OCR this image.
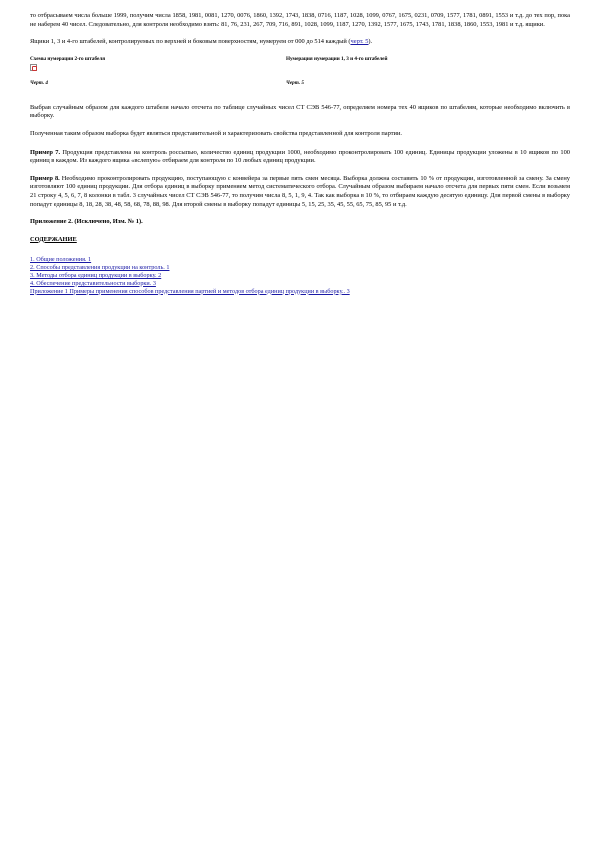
то отбрасываем числа больше 1999, получим числа 1858, 1981, 0081, 1270, 0076, 1860, 1392, 1743, 1838, 0716, 1187, 1028, 1099, 0767, 1675, 0231, 0709, 1577, 1781, 0891, 1553 и т.д. до тех пор, пока не наберем 40 чисел. Следовательно, для контроля необходимо взять: 81, 76, 231, 267, 709, 716, 891, 1028, 1099, 1187, 1270, 1392, 1577, 1675, 1743, 1781, 1838, 1860, 1553, 1981 и т.д. ящики.

Ящики 1, 3 и 4-го штабелей, контролируемых по верхней и боковым поверхностям, нумеруем от 000 до 514 каждый (черт. 5).

Схемы нумерации 2-го штабеля
Черт. 4
Нумерация нумерации 1, 3 и 4-го штабелей
Черт. 5

Выбрав случайным образом для каждого штабеля начало отсчета по таблице случайных чисел СТ СЭВ 546-77, определяем номера тех 40 ящиков по штабелям, которые необходимо включить в выборку.

Полученная таким образом выборка будет являться представительной и характеризовать свойства представленной для контроля партии.

Пример 7. Продукция представлена на контроль россыпью, количество единиц продукции 1000, необходимо проконтролировать 100 единиц. Единицы продукции уложены в 10 ящиков по 100 единиц в каждом. Из каждого ящика «вслепую» отбираем для контроля по 10 любых единиц продукции.

Пример 8. Необходимо проконтролировать продукцию, поступающую с конвейера за первые пять смен месяца. Выборка должна составить 10 % от продукции, изготовленной за смену. За смену изготовляют 100 единиц продукции. Для отбора единиц в выборку применяем метод систематического отбора. Случайным образом выбираем начало отсчета для первых пяти смен. Если возьмем 21 строку 4, 5, 6, 7, 8 колонки в табл. 3 случайных чисел СТ СЭВ 546-77, то получим числа 8, 5, 1, 9, 4. Так как выборка в 10 %, то отбираем каждую десятую единицу. Для первой смены в выборку попадут единицы 8, 18, 28, 38, 48, 58, 68, 78, 88, 98. Для второй смены в выборку попадут единицы 5, 15, 25, 35, 45, 55, 65, 75, 85, 95 и т.д.

Приложение 2. (Исключено, Изм. № 1).

СОДЕРЖАНИЕ
1. Общие положения. 1
2. Способы представления продукции на контроль. 1
3. Методы отбора единиц продукции в выборку. 2
4. Обеспечение представительности выборки. 3
Приложение 1 Примеры применения способов представления партией и методов отбора единиц продукции в выборку.. 3
